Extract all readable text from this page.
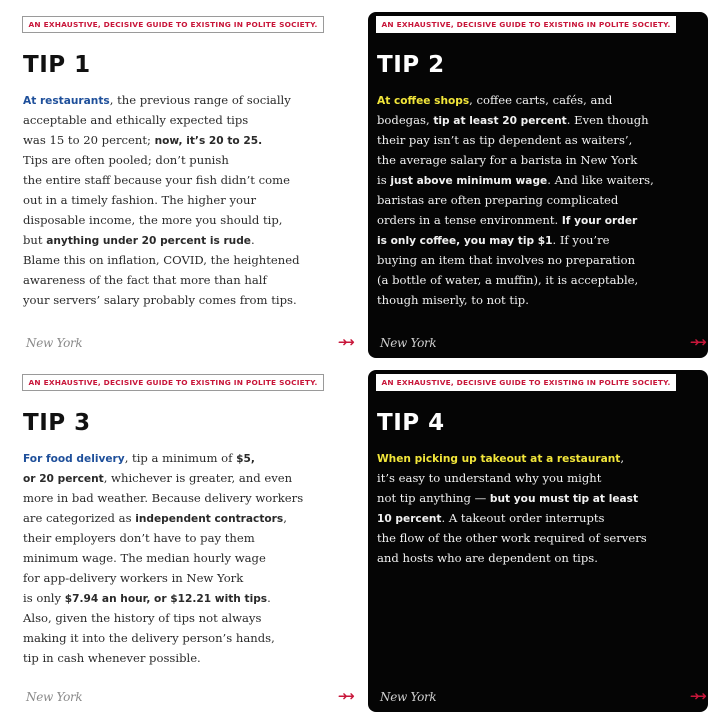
AN EXHAUSTIVE, DECISIVE GUIDE TO EXISTING IN POLITE SOCIETY.
TIP 1
At restaurants, the previous range of socially
acceptable and ethically expected tips
was 15 to 20 percent; now, it’s 20 to 25.
Tips are often pooled; don’t punish
the entire staff because your fish didn’t come
out in a timely fashion. The higher your
disposable income, the more you should tip,
but anything under 20 percent is rude.
Blame this on inflation, COVID, the heightened
awareness of the fact that more than half
your servers’ salary probably comes from tips.
New York	➜➜
AN EXHAUSTIVE, DECISIVE GUIDE TO EXISTING IN POLITE SOCIETY.
TIP 2
At coffee shops, coffee carts, cafés, and
bodegas, tip at least 20 percent. Even though
their pay isn’t as tip dependent as waiters’,
the average salary for a barista in New York
is just above minimum wage. And like waiters,
baristas are often preparing complicated
orders in a tense environment. If your order
is only coffee, you may tip $1. If you’re
buying an item that involves no preparation
(a bottle of water, a muffin), it is acceptable,
though miserly, to not tip.
New York	➜➜
AN EXHAUSTIVE, DECISIVE GUIDE TO EXISTING IN POLITE SOCIETY.
TIP 3
For food delivery, tip a minimum of $5,
or 20 percent, whichever is greater, and even
more in bad weather. Because delivery workers
are categorized as independent contractors,
their employers don’t have to pay them
minimum wage. The median hourly wage
for app-delivery workers in New York
is only $7.94 an hour, or $12.21 with tips.
Also, given the history of tips not always
making it into the delivery person’s hands,
tip in cash whenever possible.
New York	➜➜
AN EXHAUSTIVE, DECISIVE GUIDE TO EXISTING IN POLITE SOCIETY.
TIP 4
When picking up takeout at a restaurant,
it’s easy to understand why you might
not tip anything — but you must tip at least
10 percent. A takeout order interrupts
the flow of the other work required of servers
and hosts who are dependent on tips.
New York	➜➜
